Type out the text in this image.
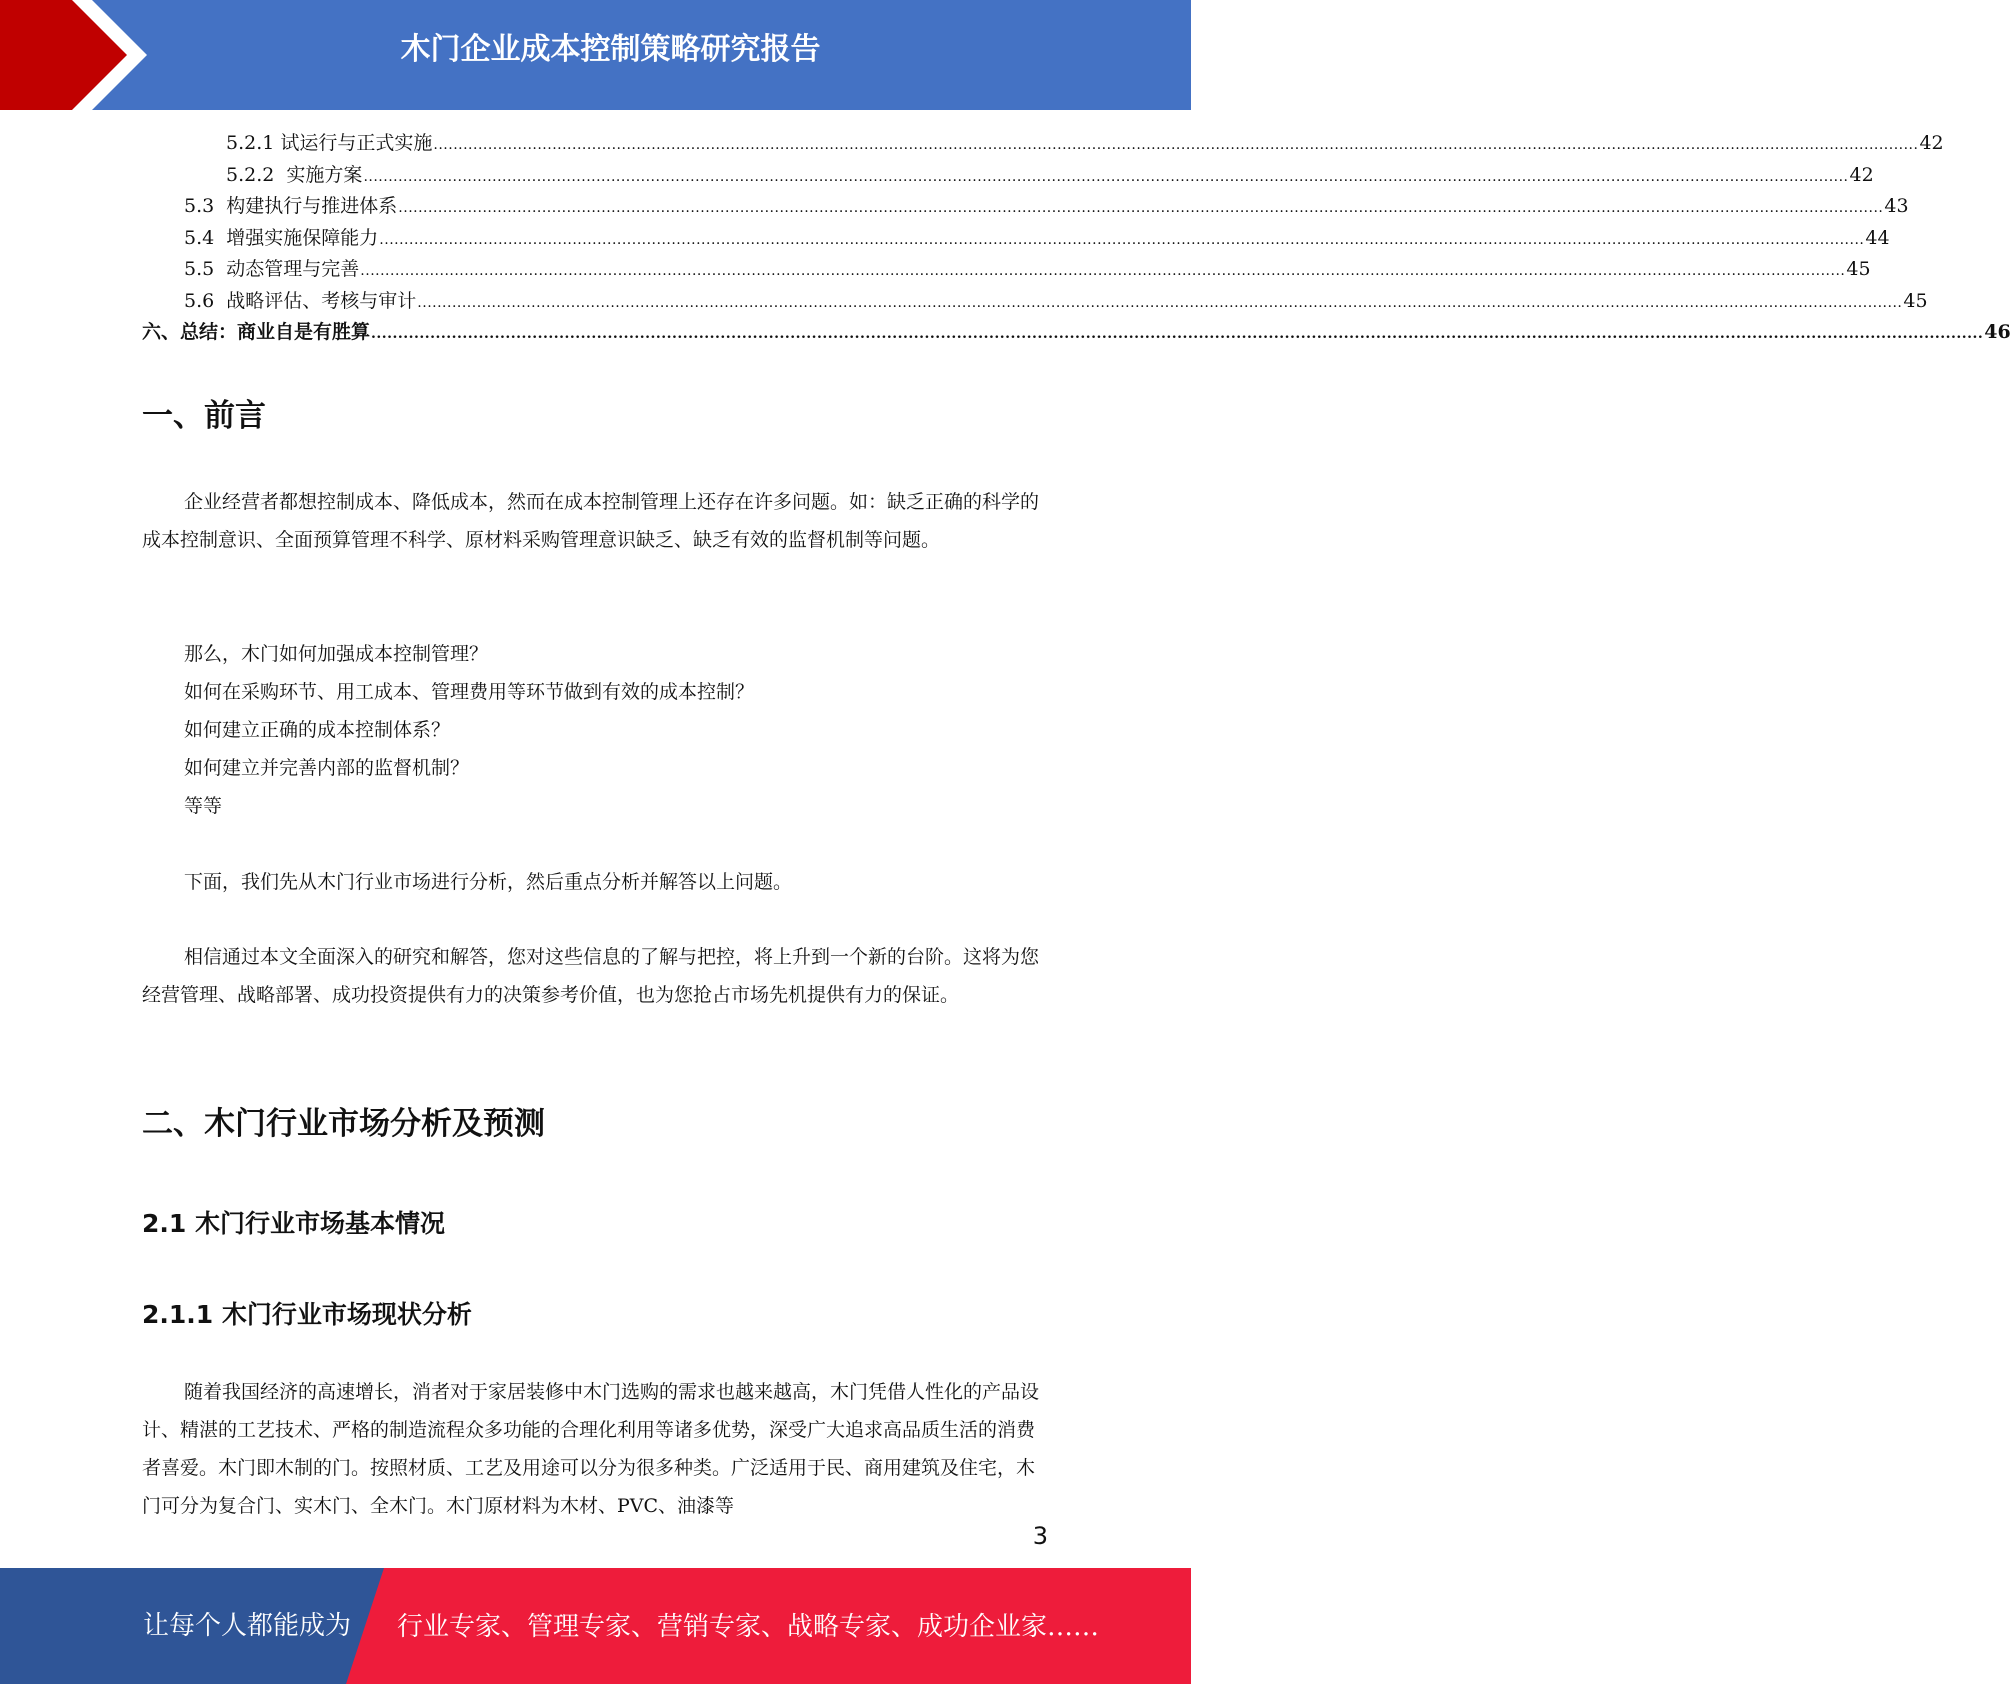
木门企业成本控制策略研究报告
5.2.1 试运行与正式实施 ............................................................................................................................................................................................................................................................................................................ 42
5.2.2  实施方案 ............................................................................................................................................................................................................................................................................................................ 42
5.3  构建执行与推进体系 ............................................................................................................................................................................................................................................................................................................ 43
5.4  增强实施保障能力 ............................................................................................................................................................................................................................................................................................................ 44
5.5  动态管理与完善 ............................................................................................................................................................................................................................................................................................................ 45
5.6  战略评估、考核与审计 ............................................................................................................................................................................................................................................................................................................ 45
六、总结：商业自是有胜算 ............................................................................................................................................................................................................................................................................................................ 46
一、前言
企业经营者都想控制成本、降低成本，然而在成本控制管理上还存在许多问题。如：缺乏正确的科学的成本控制意识、全面预算管理不科学、原材料采购管理意识缺乏、缺乏有效的监督机制等问题。
那么，木门如何加强成本控制管理？
如何在采购环节、用工成本、管理费用等环节做到有效的成本控制？
如何建立正确的成本控制体系？
如何建立并完善内部的监督机制？
等等
下面，我们先从木门行业市场进行分析，然后重点分析并解答以上问题。
相信通过本文全面深入的研究和解答，您对这些信息的了解与把控，将上升到一个新的台阶。这将为您经营管理、战略部署、成功投资提供有力的决策参考价值，也为您抢占市场先机提供有力的保证。
二、木门行业市场分析及预测
2.1 木门行业市场基本情况
2.1.1 木门行业市场现状分析
随着我国经济的高速增长，消者对于家居装修中木门选购的需求也越来越高，木门凭借人性化的产品设计、精湛的工艺技术、严格的制造流程众多功能的合理化利用等诸多优势，深受广大追求高品质生活的消费者喜爱。木门即木制的门。按照材质、工艺及用途可以分为很多种类。广泛适用于民、商用建筑及住宅，木门可分为复合门、实木门、全木门。木门原材料为木材、PVC、油漆等
3
让每个人都能成为 行业专家、管理专家、营销专家、战略专家、成功企业家……
